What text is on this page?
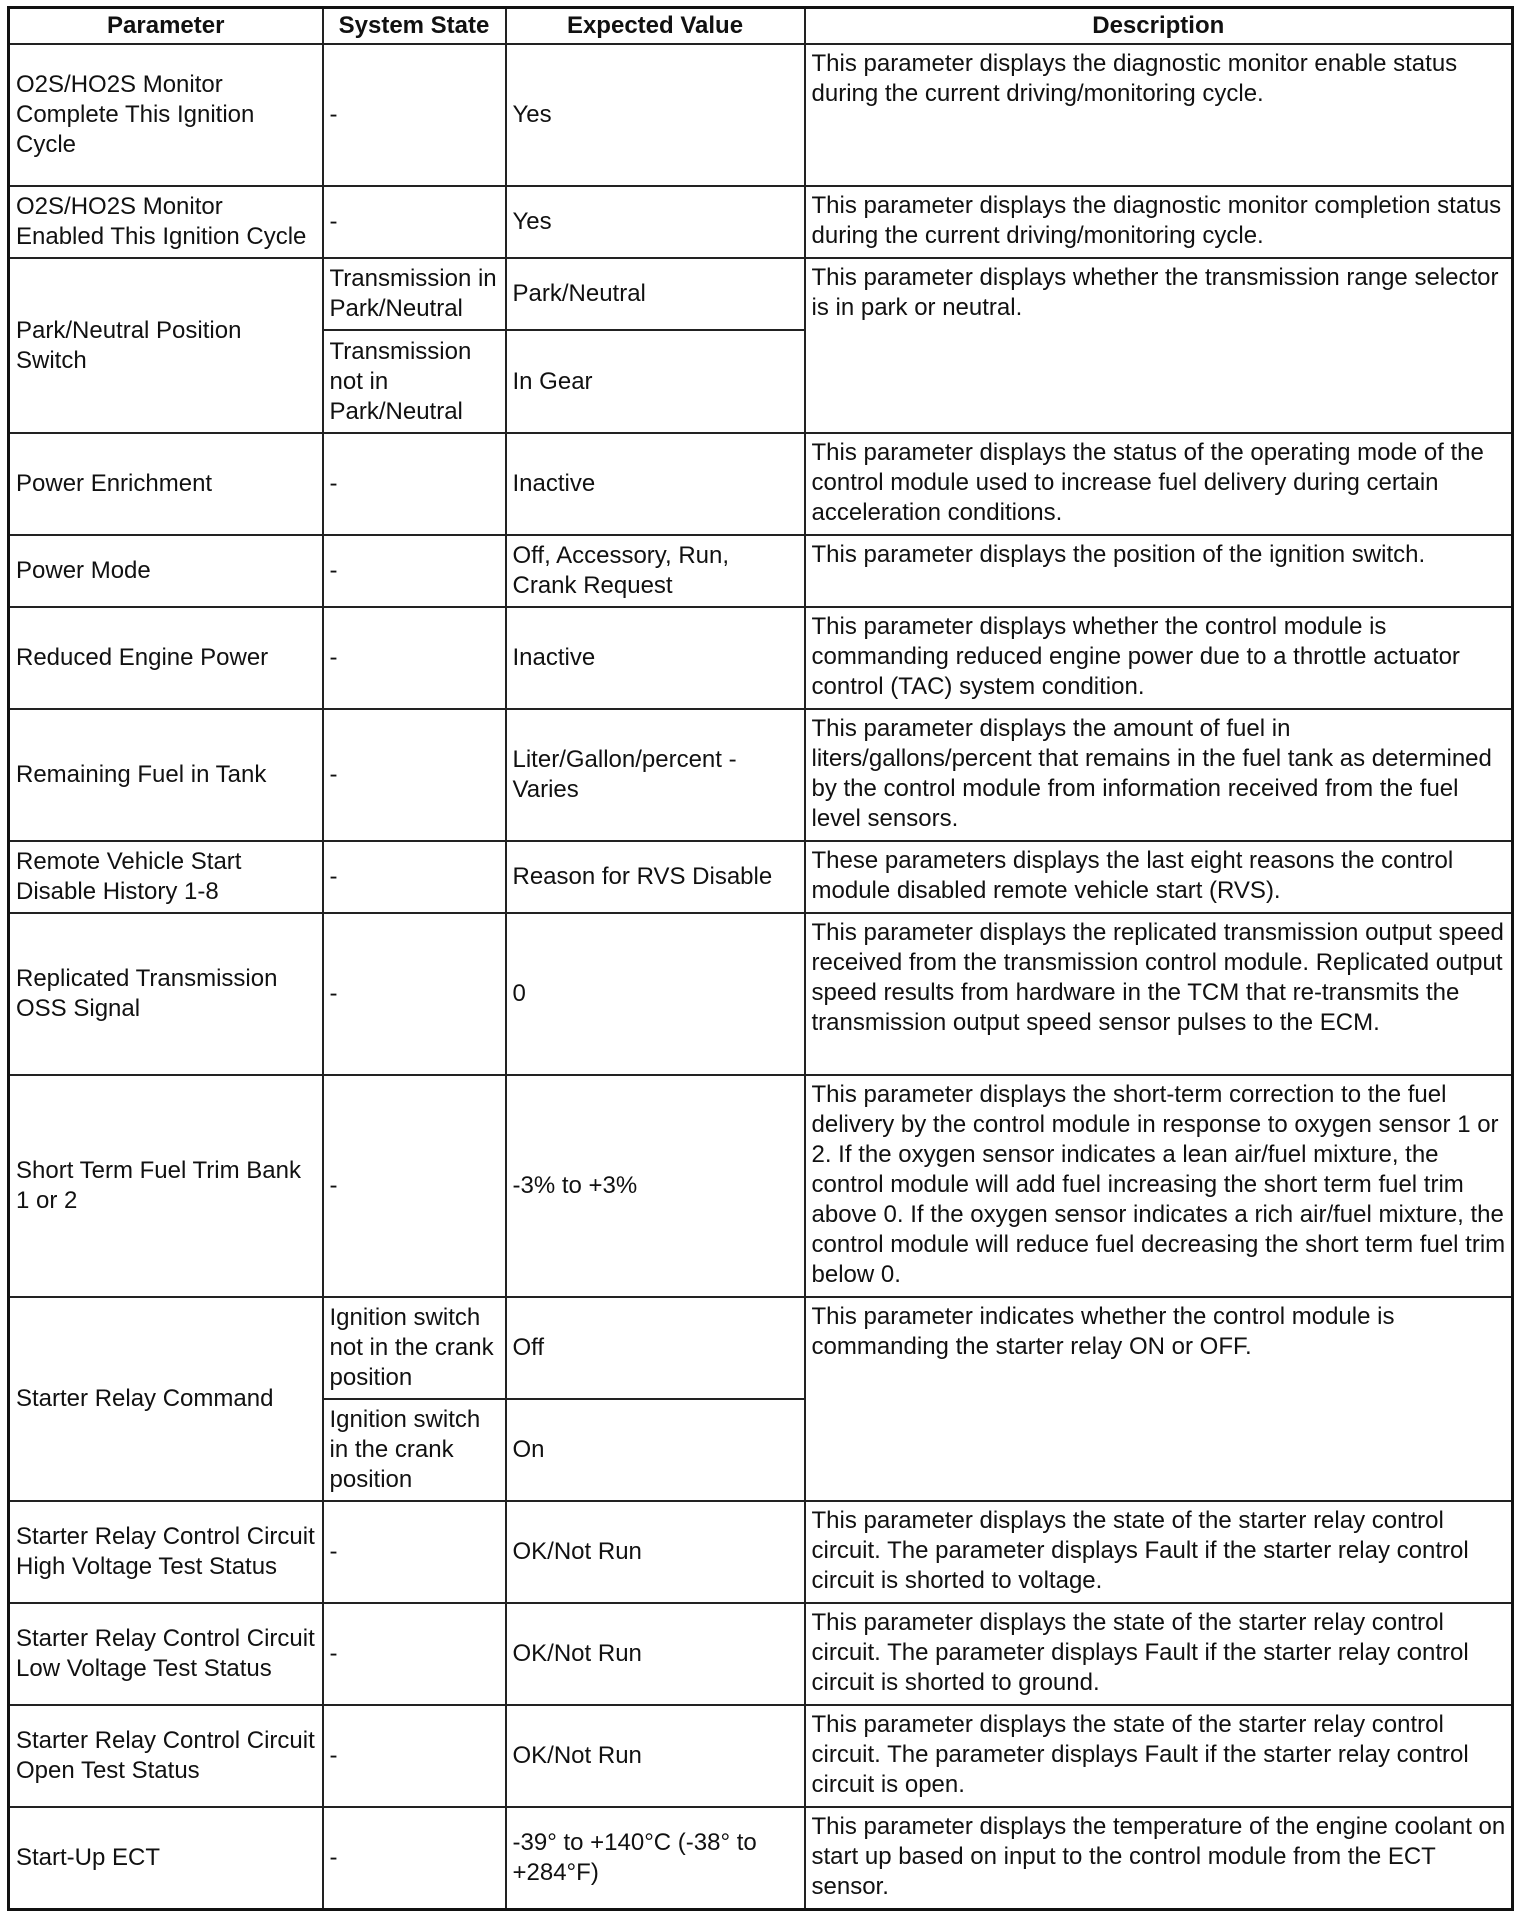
Parameter	System State	Expected Value	Description
O2S/HO2S Monitor Complete This Ignition Cycle	-	Yes	This parameter displays the diagnostic monitor enable status during the current driving/monitoring cycle.
O2S/HO2S Monitor Enabled This Ignition Cycle	-	Yes	This parameter displays the diagnostic monitor completion status during the current driving/monitoring cycle.
Park/Neutral Position Switch	Transmission in Park/Neutral	Park/Neutral	This parameter displays whether the transmission range selector is in park or neutral.
	Transmission not in Park/Neutral	In Gear	
Power Enrichment	-	Inactive	This parameter displays the status of the operating mode of the control module used to increase fuel delivery during certain acceleration conditions.
Power Mode	-	Off, Accessory, Run, Crank Request	This parameter displays the position of the ignition switch.
Reduced Engine Power	-	Inactive	This parameter displays whether the control module is commanding reduced engine power due to a throttle actuator control (TAC) system condition.
Remaining Fuel in Tank	-	Liter/Gallon/percent - Varies	This parameter displays the amount of fuel in liters/gallons/percent that remains in the fuel tank as determined by the control module from information received from the fuel level sensors.
Remote Vehicle Start Disable History 1-8	-	Reason for RVS Disable	These parameters displays the last eight reasons the control module disabled remote vehicle start (RVS).
Replicated Transmission OSS Signal	-	0	This parameter displays the replicated transmission output speed received from the transmission control module. Replicated output speed results from hardware in the TCM that re-transmits the transmission output speed sensor pulses to the ECM.
Short Term Fuel Trim Bank 1 or 2	-	-3% to +3%	This parameter displays the short-term correction to the fuel delivery by the control module in response to oxygen sensor 1 or 2. If the oxygen sensor indicates a lean air/fuel mixture, the control module will add fuel increasing the short term fuel trim above 0. If the oxygen sensor indicates a rich air/fuel mixture, the control module will reduce fuel decreasing the short term fuel trim below 0.
Starter Relay Command	Ignition switch not in the crank position	Off	This parameter indicates whether the control module is commanding the starter relay ON or OFF.
	Ignition switch in the crank position	On	
Starter Relay Control Circuit High Voltage Test Status	-	OK/Not Run	This parameter displays the state of the starter relay control circuit. The parameter displays Fault if the starter relay control circuit is shorted to voltage.
Starter Relay Control Circuit Low Voltage Test Status	-	OK/Not Run	This parameter displays the state of the starter relay control circuit. The parameter displays Fault if the starter relay control circuit is shorted to ground.
Starter Relay Control Circuit Open Test Status	-	OK/Not Run	This parameter displays the state of the starter relay control circuit. The parameter displays Fault if the starter relay control circuit is open.
Start-Up ECT	-	-39° to +140°C (-38° to +284°F)	This parameter displays the temperature of the engine coolant on start up based on input to the control module from the ECT sensor.
